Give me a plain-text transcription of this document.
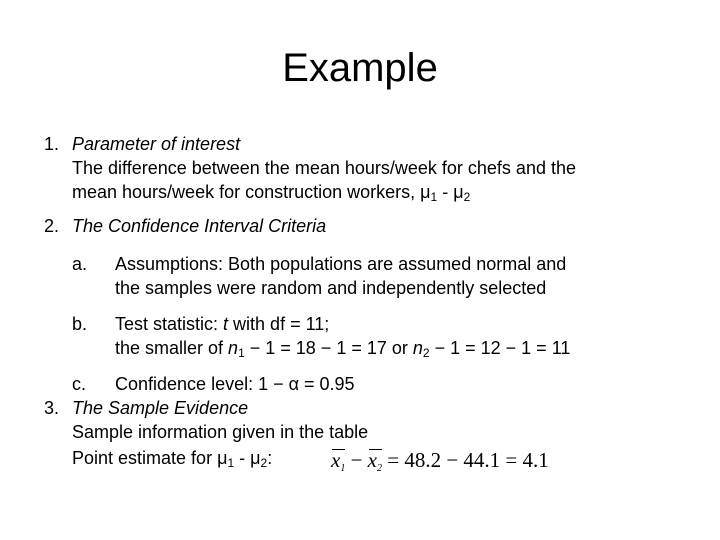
Example
1. Parameter of interest
The difference between the mean hours/week for chefs and the
mean hours/week for construction workers, $\mu_1 - \mu_2$
2. The Confidence Interval Criteria
a. Assumptions: Both populations are assumed normal and
the samples were random and independently selected
b. Test statistic: t with df = 11;
the smaller of $n_1 - 1 = 18 - 1 = 17$ or $n_2 - 1 = 12 - 1 = 11$
c. Confidence level: 1 − α = 0.95
3. The Sample Evidence
Sample information given in the table
Point estimate for $\mu_1 - \mu_2$:	$x_1 - x_2 = 48.2 - 44.1 = 4.1$
